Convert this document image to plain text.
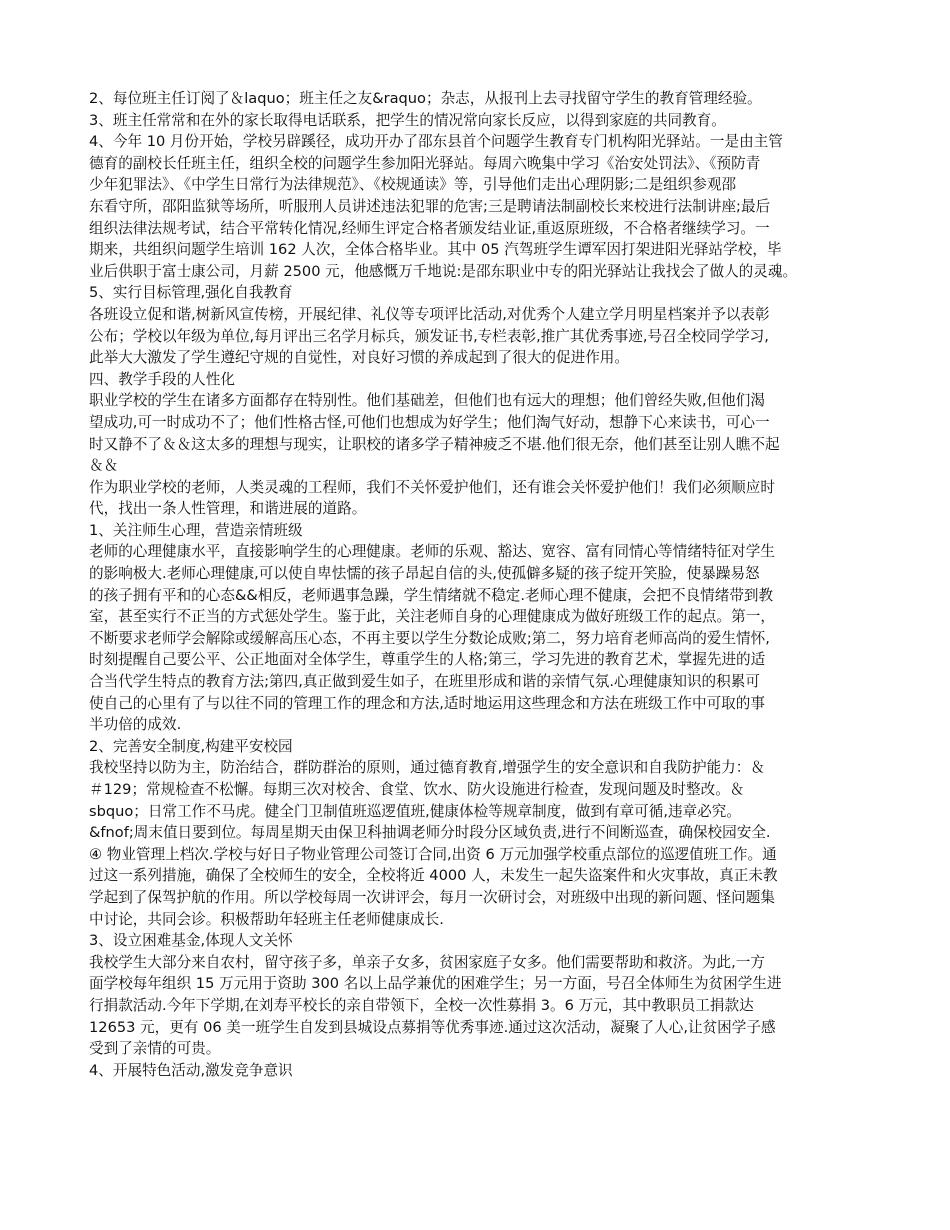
2、每位班主任订阅了＆laquo；班主任之友&raquo；杂志，从报刊上去寻找留守学生的教育管理经验。
3、班主任常常和在外的家长取得电话联系，把学生的情况常向家长反应，以得到家庭的共同教育。
4、今年 10 月份开始，学校另辟蹊径，成功开办了邵东县首个问题学生教育专门机构阳光驿站。一是由主管
德育的副校长任班主任，组织全校的问题学生参加阳光驿站。每周六晚集中学习《治安处罚法》、《预防青
少年犯罪法》、《中学生日常行为法律规范》、《校规通读》等，引导他们走出心理阴影;二是组织参观邵
东看守所，邵阳监狱等场所，听服刑人员讲述违法犯罪的危害;三是聘请法制副校长来校进行法制讲座;最后
组织法律法规考试，结合平常转化情况,经师生评定合格者颁发结业证,重返原班级，不合格者继续学习。一
期来，共组织问题学生培训 162 人次，全体合格毕业。其中 05 汽驾班学生谭军因打架进阳光驿站学校，毕
业后供职于富士康公司，月薪 2500 元，他感慨万千地说:是邵东职业中专的阳光驿站让我找会了做人的灵魂。
5、实行目标管理,强化自我教育
各班设立促和谐,树新风宣传榜，开展纪律、礼仪等专项评比活动,对优秀个人建立学月明星档案并予以表彰
公布；学校以年级为单位,每月评出三名学月标兵，颁发证书,专栏表彰,推广其优秀事迹,号召全校同学学习,
此举大大激发了学生遵纪守规的自觉性，对良好习惯的养成起到了很大的促进作用。
四、教学手段的人性化
职业学校的学生在诸多方面都存在特别性。他们基础差，但他们也有远大的理想；他们曾经失败,但他们渴
望成功,可一时成功不了；他们性格古怪,可他们也想成为好学生；他们淘气好动，想静下心来读书，可心一
时又静不了＆＆这太多的理想与现实，让职校的诸多学子精神疲乏不堪.他们很无奈，他们甚至让别人瞧不起
＆＆
作为职业学校的老师，人类灵魂的工程师，我们不关怀爱护他们，还有谁会关怀爱护他们！我们必须顺应时
代，找出一条人性管理，和谐进展的道路。
1、关注师生心理，营造亲情班级
老师的心理健康水平，直接影响学生的心理健康。老师的乐观、豁达、宽容、富有同情心等情绪特征对学生
的影响极大.老师心理健康,可以使自卑怯懦的孩子昂起自信的头,使孤僻多疑的孩子绽开笑脸，使暴躁易怒
的孩子拥有平和的心态&&相反，老师遇事急躁，学生情绪就不稳定.老师心理不健康，会把不良情绪带到教
室，甚至实行不正当的方式惩处学生。鉴于此，关注老师自身的心理健康成为做好班级工作的起点。第一，
不断要求老师学会解除或缓解高压心态，不再主要以学生分数论成败;第二，努力培育老师高尚的爱生情怀,
时刻提醒自己要公平、公正地面对全体学生，尊重学生的人格;第三，学习先进的教育艺术，掌握先进的适
合当代学生特点的教育方法;第四,真正做到爱生如子，在班里形成和谐的亲情气氛.心理健康知识的积累可
使自己的心里有了与以往不同的管理工作的理念和方法,适时地运用这些理念和方法在班级工作中可取的事
半功倍的成效.
2、完善安全制度,构建平安校园
我校坚持以防为主，防治结合，群防群治的原则，通过德育教育,增强学生的安全意识和自我防护能力：＆
＃129；常规检查不松懈。每期三次对校舍、食堂、饮水、防火设施进行检查，发现问题及时整改。＆
sbquo；日常工作不马虎。健全门卫制值班巡逻值班,健康体检等规章制度，做到有章可循,违章必究。
&fnof;周末值日要到位。每周星期天由保卫科抽调老师分时段分区域负责,进行不间断巡查，确保校园安全.
④ 物业管理上档次.学校与好日子物业管理公司签订合同,出资 6 万元加强学校重点部位的巡逻值班工作。通
过这一系列措施，确保了全校师生的安全，全校将近 4000 人，未发生一起失盗案件和火灾事故，真正未教
学起到了保驾护航的作用。所以学校每周一次讲评会，每月一次研讨会，对班级中出现的新问题、怪问题集
中讨论，共同会诊。积极帮助年轻班主任老师健康成长.
3、设立困难基金,体现人文关怀
我校学生大部分来自农村，留守孩子多，单亲子女多，贫困家庭子女多。他们需要帮助和救济。为此,一方
面学校每年组织 15 万元用于资助 300 名以上品学兼优的困难学生；另一方面，号召全体师生为贫困学生进
行捐款活动.今年下学期,在刘寿平校长的亲自带领下，全校一次性募捐 3。6 万元，其中教职员工捐款达
12653 元，更有 06 美一班学生自发到县城设点募捐等优秀事迹.通过这次活动，凝聚了人心,让贫困学子感
受到了亲情的可贵。
4、开展特色活动,激发竞争意识
